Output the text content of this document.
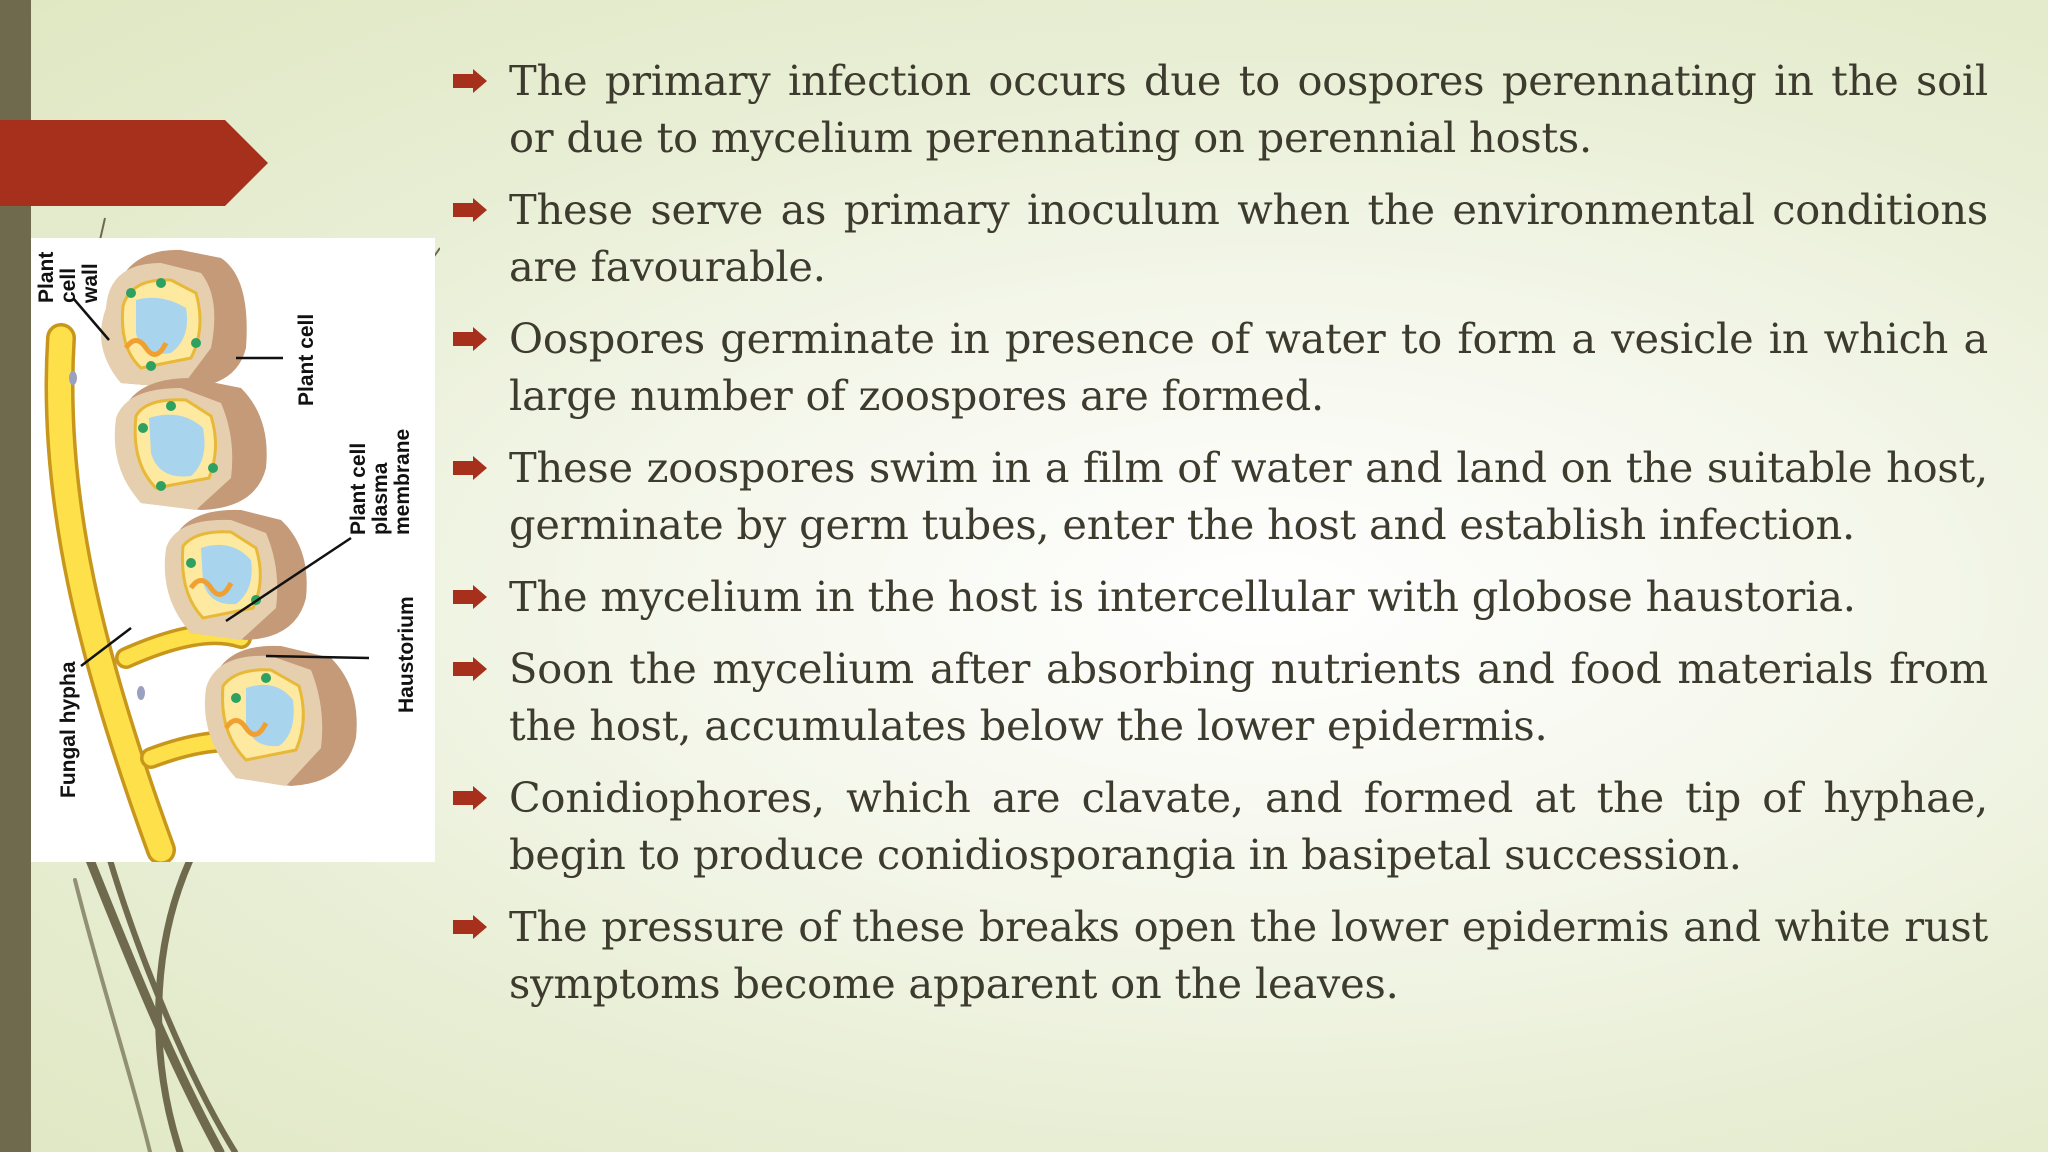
Plant cell wall
Plant cell
Plant cell plasma membrane
Haustorium
Fungal hypha
The primary infection occurs due to oospores perennating in the soil or due to mycelium perennating on perennial hosts.
These serve as primary inoculum when the environmental conditions are favourable.
Oospores germinate in presence of water to form a vesicle in which a large number of zoospores are formed.
These zoospores swim in a film of water and land on the suitable host, germinate by germ tubes, enter the host and establish infection.
The mycelium in the host is intercellular with globose haustoria.
Soon the mycelium after absorbing nutrients and food materials from the host, accumulates below the lower epidermis.
Conidiophores, which are clavate, and formed at the tip of hyphae, begin to produce conidiosporangia in basipetal succession.
The pressure of these breaks open the lower epidermis and white rust symptoms become apparent on the leaves.
